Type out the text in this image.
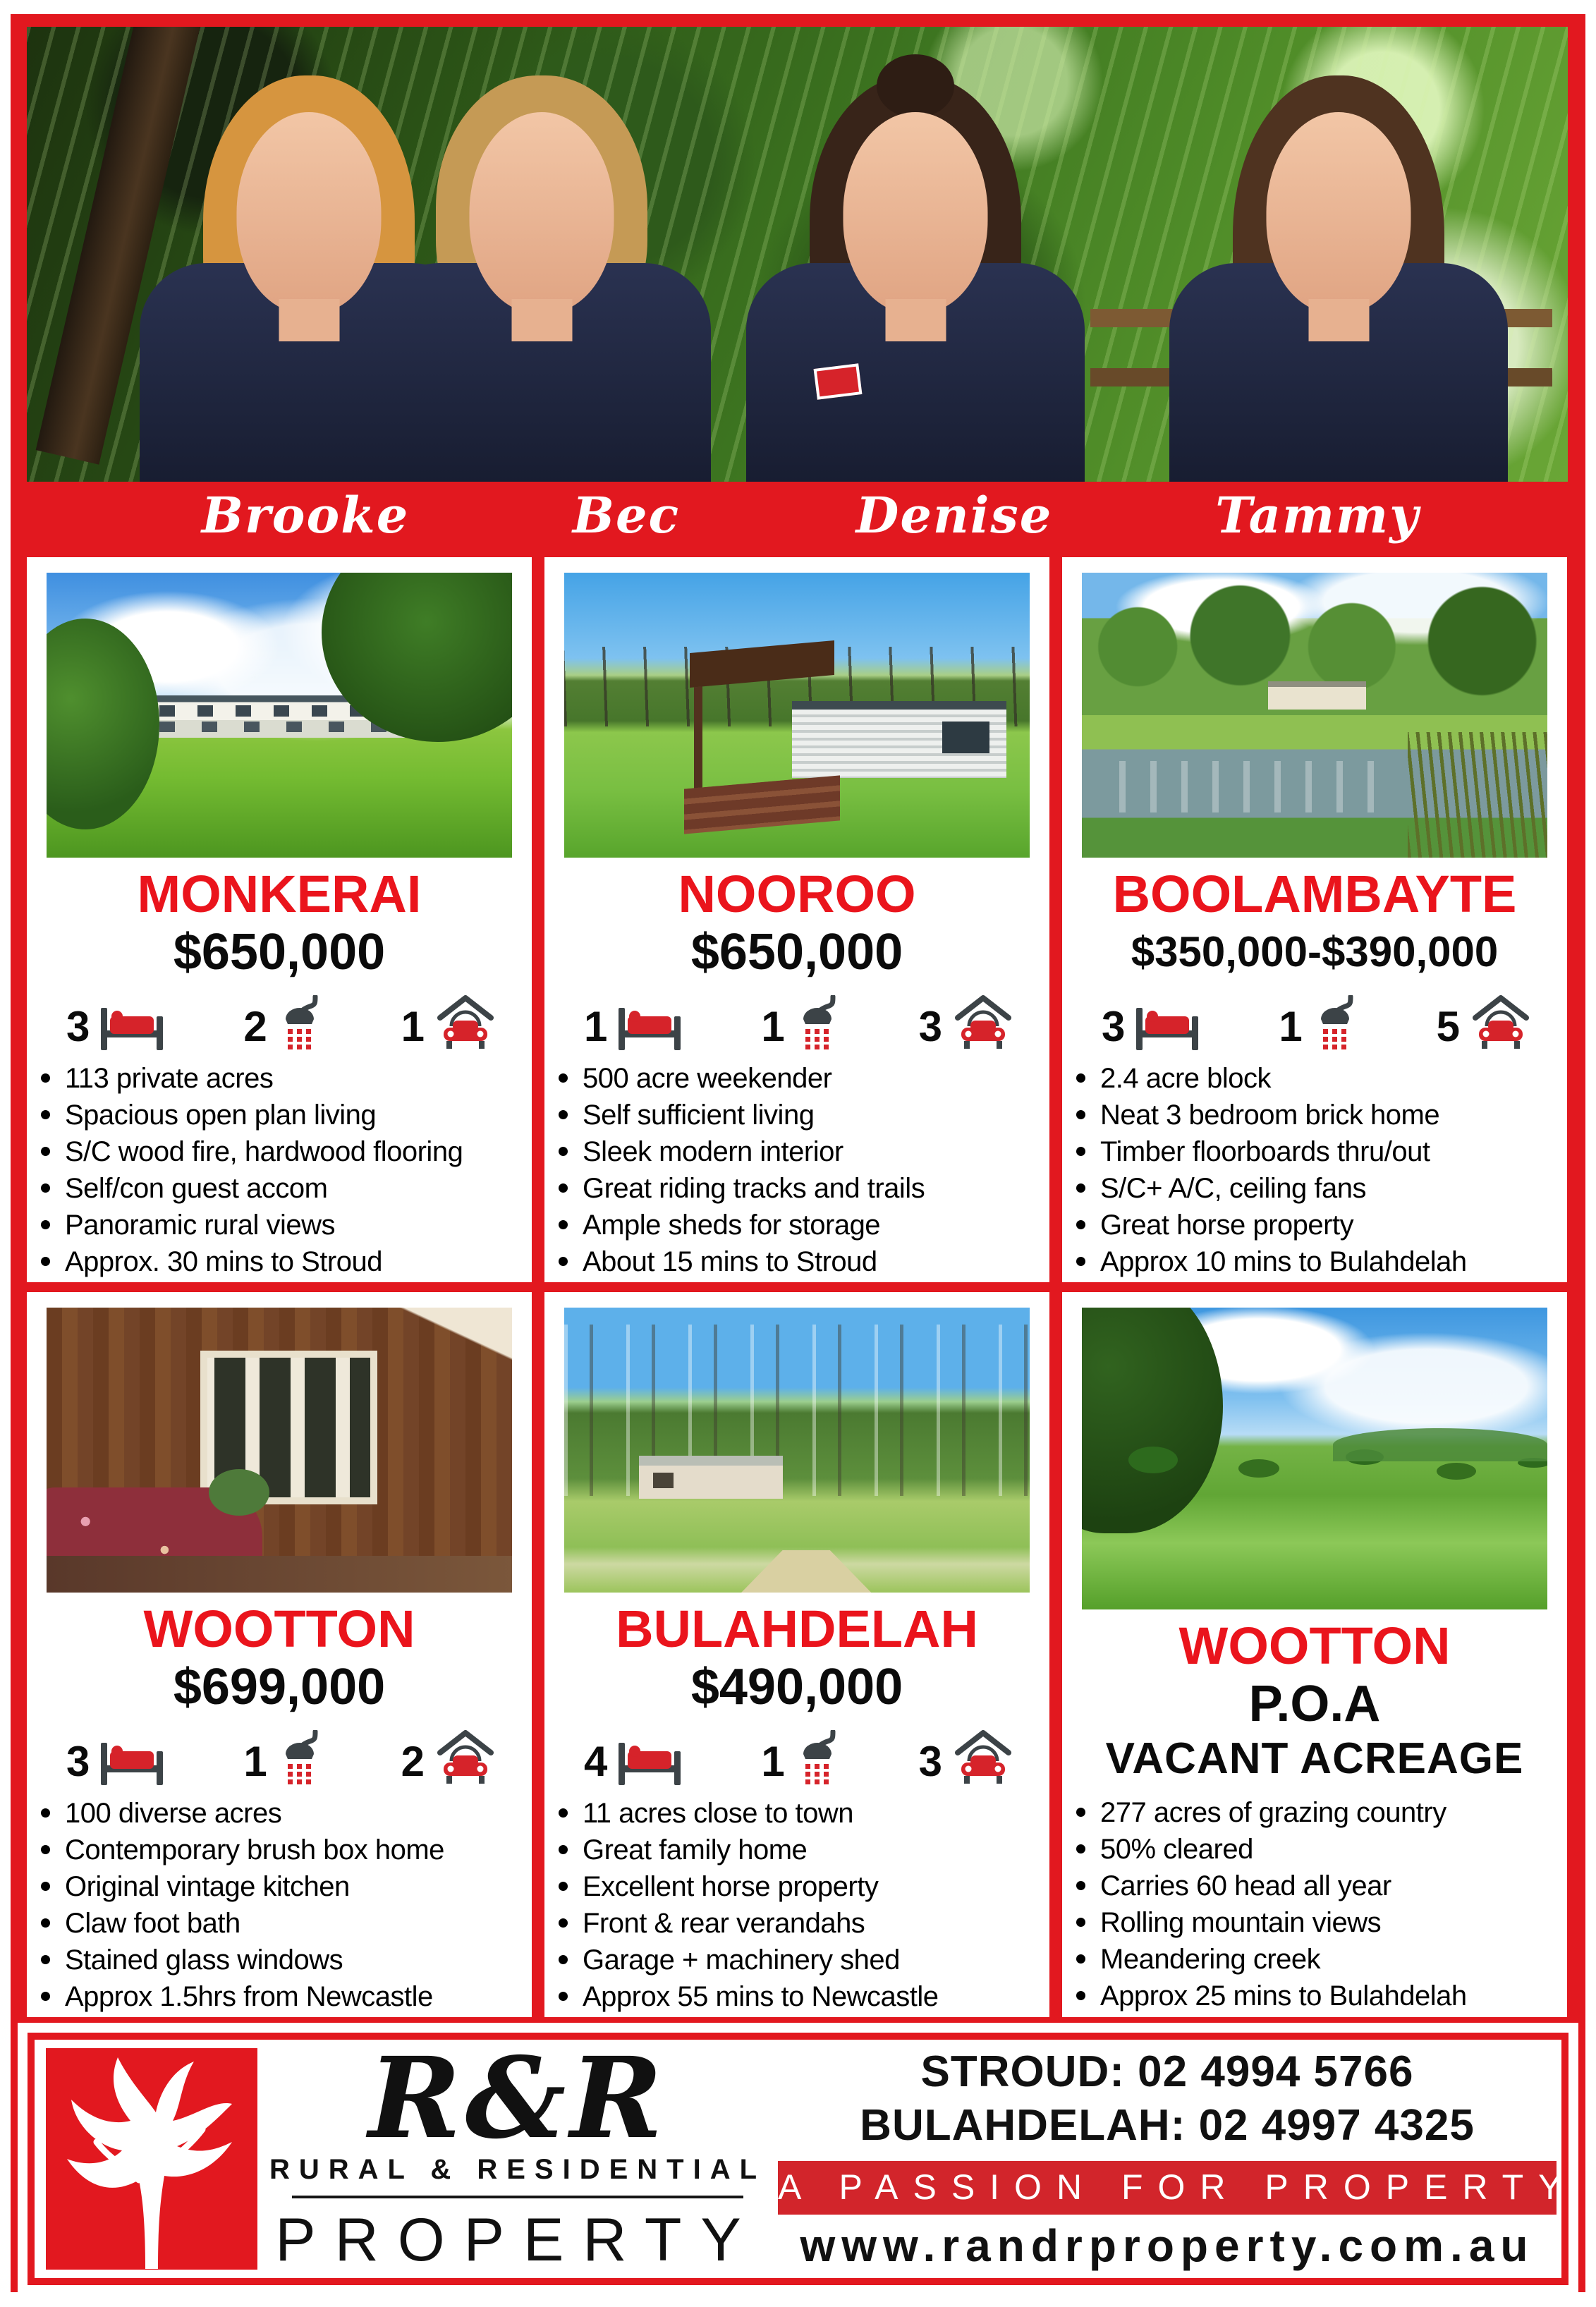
Brooke	Bec	Denise	Tammy
MONKERAI
$650,000
3	2	1
113 private acres
Spacious open plan living
S/C wood fire, hardwood flooring
Self/con guest accom
Panoramic rural views
Approx. 30 mins to Stroud
NOOROO
$650,000
1	1	3
500 acre weekender
Self sufficient living
Sleek modern interior
Great riding tracks and trails
Ample sheds for storage
About 15 mins to Stroud
BOOLAMBAYTE
$350,000-$390,000
3	1	5
2.4 acre block
Neat 3 bedroom brick home
Timber floorboards thru/out
S/C+ A/C, ceiling fans
Great horse property
Approx 10 mins to Bulahdelah
WOOTTON
$699,000
3	1	2
100 diverse acres
Contemporary brush box home
Original vintage kitchen
Claw foot bath
Stained glass windows
Approx 1.5hrs from Newcastle
BULAHDELAH
$490,000
4	1	3
11 acres close to town
Great family home
Excellent horse property
Front & rear verandahs
Garage + machinery shed
Approx 55 mins to Newcastle
WOOTTON
P.O.A
VACANT ACREAGE
277 acres of grazing country
50% cleared
Carries 60 head all year
Rolling mountain views
Meandering creek
Approx 25 mins to Bulahdelah
R&R
RURAL & RESIDENTIAL
PROPERTY
STROUD: 02 4994 5766
BULAHDELAH: 02 4997 4325
A PASSION FOR PROPERTY
www.randrproperty.com.au
